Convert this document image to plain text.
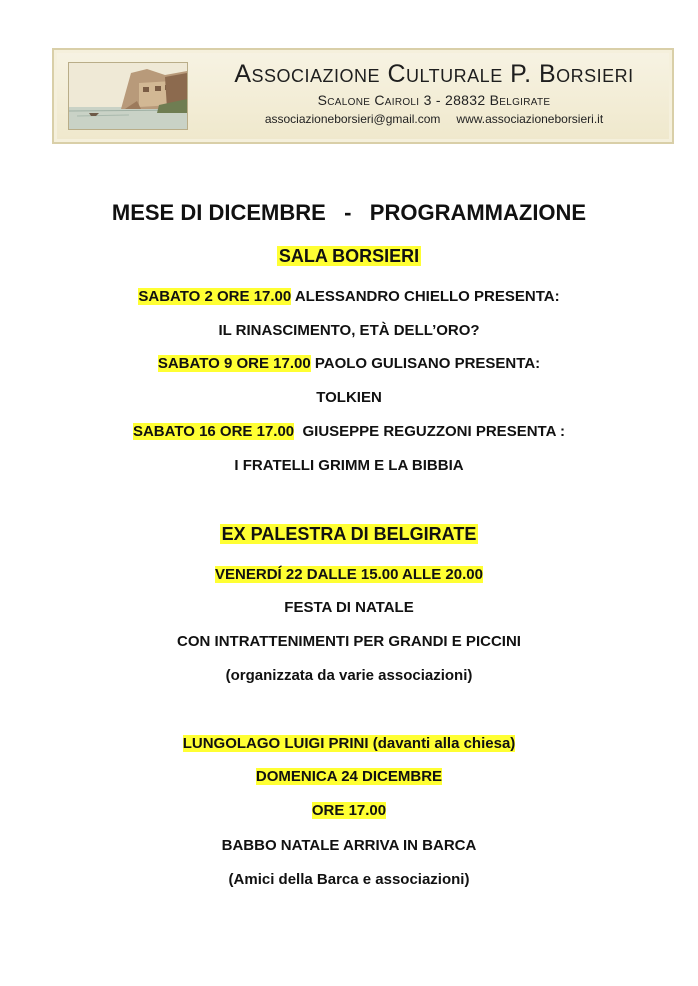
Associazione Culturale P. Borsieri
Scalone Cairoli 3 - 28832 Belgirate
associazioneborsieri@gmail.com www.associazioneborsieri.it
MESE DI DICEMBRE   -   PROGRAMMAZIONE
SALA BORSIERI
SABATO 2 ORE 17.00 ALESSANDRO CHIELLO PRESENTA:
IL RINASCIMENTO, ETÀ DELL’ORO?
SABATO 9 ORE 17.00 PAOLO GULISANO PRESENTA:
TOLKIEN
SABATO 16 ORE 17.00  GIUSEPPE REGUZZONI PRESENTA :
I FRATELLI GRIMM E LA BIBBIA
EX PALESTRA DI BELGIRATE
VENERDÍ 22 DALLE 15.00 ALLE 20.00
FESTA DI NATALE
CON INTRATTENIMENTI PER GRANDI E PICCINI
(organizzata da varie associazioni)
LUNGOLAGO LUIGI PRINI (davanti alla chiesa)
DOMENICA 24 DICEMBRE
ORE 17.00
BABBO NATALE ARRIVA IN BARCA
(Amici della Barca e associazioni)
